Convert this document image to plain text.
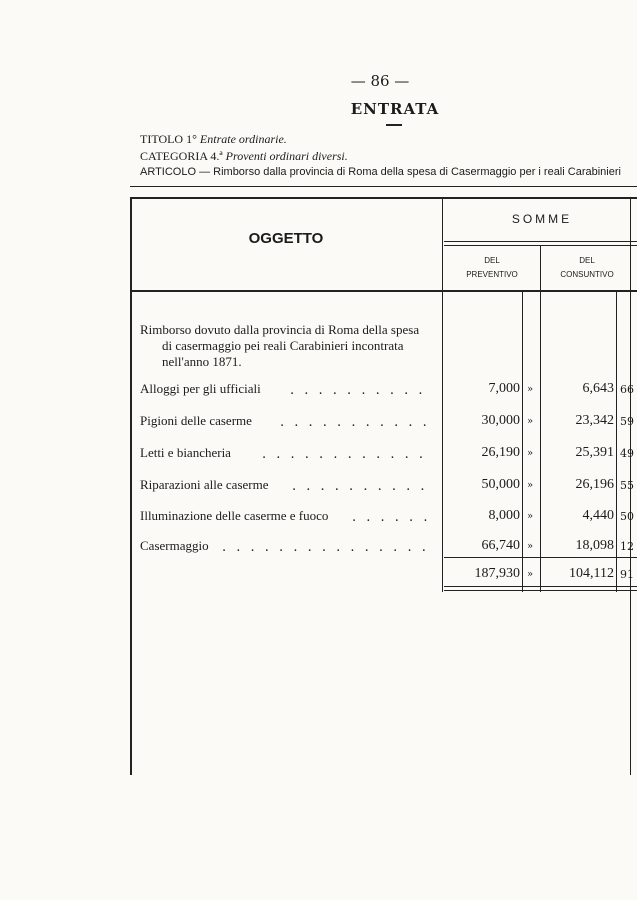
— 86 —
ENTRATA
TITOLO 1° Entrate ordinarie.
CATEGORIA 4.ª Proventi ordinari diversi.
ARTICOLO — Rimborso dalla provincia di Roma della spesa di Casermaggio per i reali Carabinieri
OGGETTO
SOMME
DEL
PREVENTIVO
DEL
CONSUNTIVO
Rimborso dovuto dalla provincia di Roma della spesa
di casermaggio pei reali Carabinieri incontrata
nell'anno 1871.
Alloggi per gli ufficiali . . . . . . . . . .	7,000 »	6,643 66
Pigioni delle caserme . . . . . . . . . . .	30,000 »	23,342 59
Letti e biancheria . . . . . . . . . . . .	26,190 »	25,391 49
Riparazioni alle caserme . . . . . . . . . .	50,000 »	26,196 55
Illuminazione delle caserme e fuoco . . . . . .	8,000 »	4,440 50
Casermaggio . . . . . . . . . . . . . . .	66,740 »	18,098 12
187,930 »	104,112 91
